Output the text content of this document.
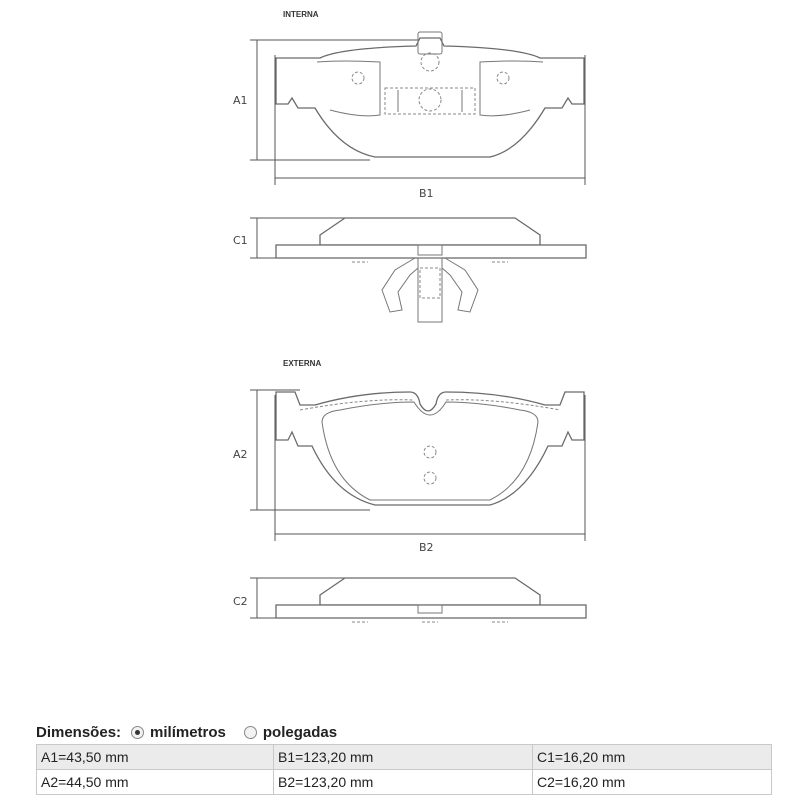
INTERNA
A1
B1
C1
EXTERNA
A2
B2
C2
Dimensões: milímetros polegadas
A1=43,50 mm	B1=123,20 mm	C1=16,20 mm
A2=44,50 mm	B2=123,20 mm	C2=16,20 mm
